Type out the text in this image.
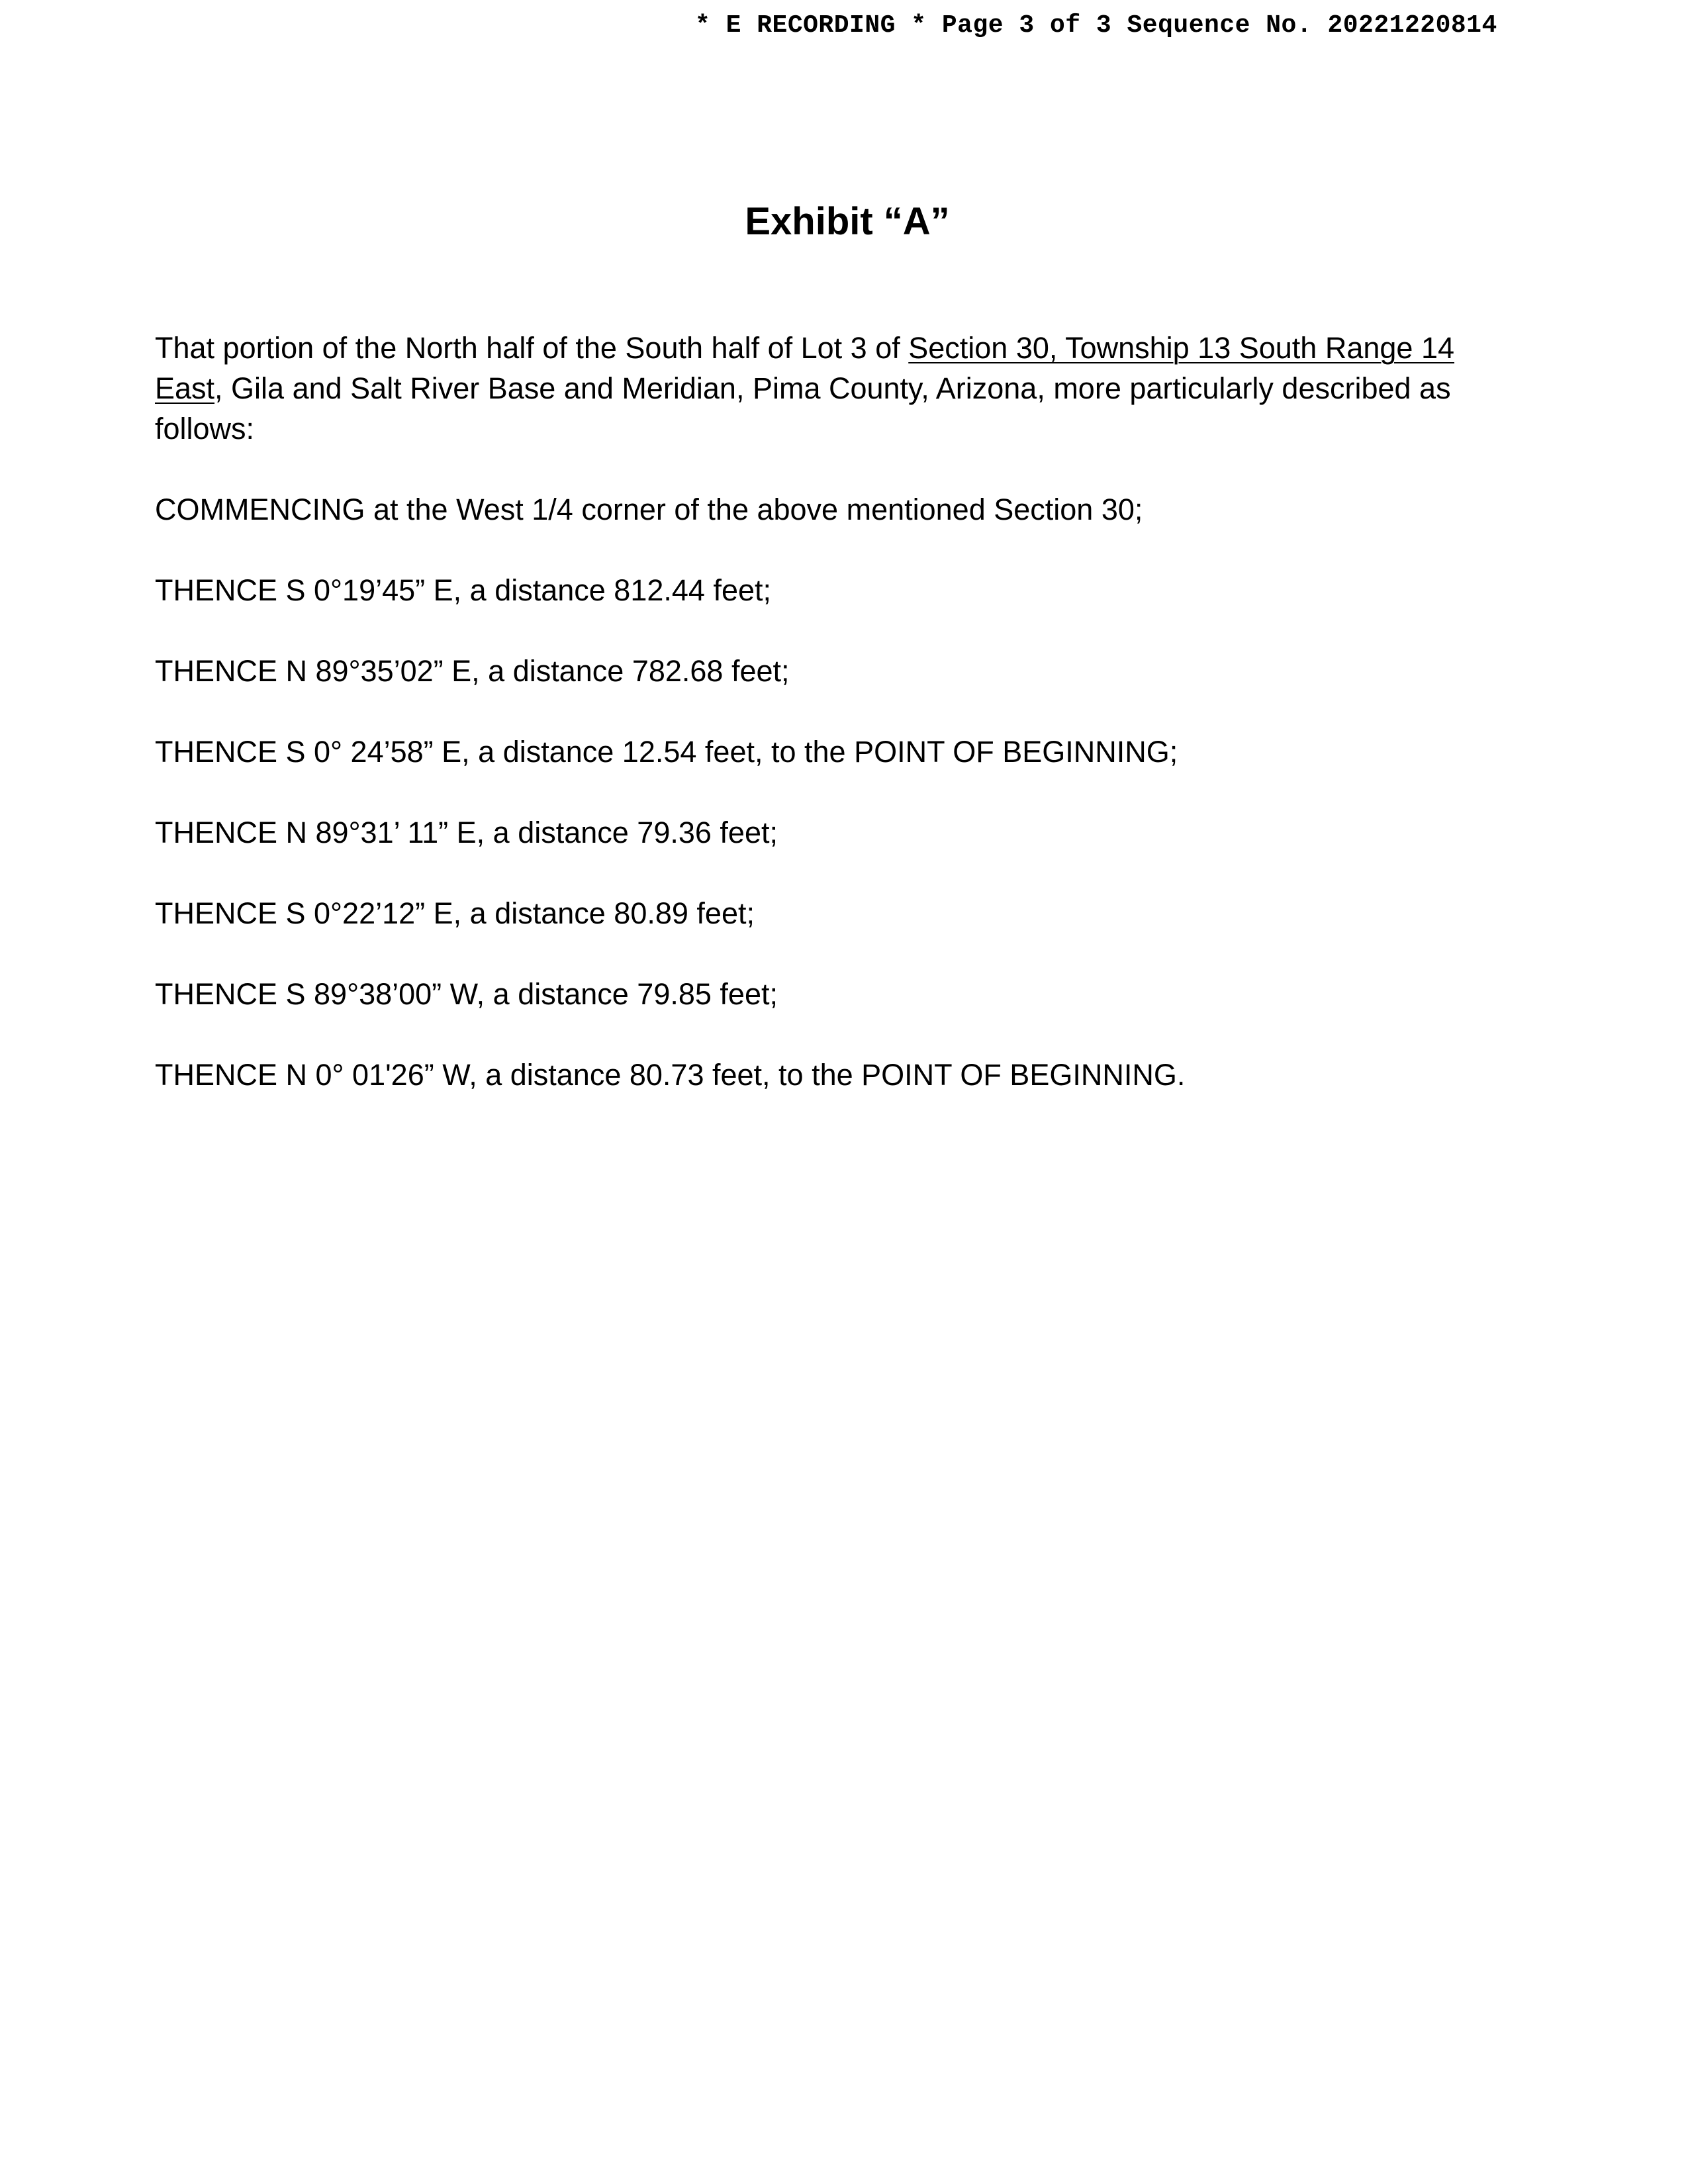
* E RECORDING * Page 3 of 3 Sequence No. 20221220814
Exhibit “A”

That portion of the North half of the South half of Lot 3 of Section 30, Township 13 South Range 14 East, Gila and Salt River Base and Meridian, Pima County, Arizona, more particularly described as follows:

COMMENCING at the West 1/4 corner of the above mentioned Section 30;

THENCE S 0°19’45” E, a distance 812.44 feet;

THENCE N 89°35’02” E, a distance 782.68 feet;

THENCE S 0° 24’58” E, a distance 12.54 feet, to the POINT OF BEGINNING;

THENCE N 89°31’ 11” E, a distance 79.36 feet;

THENCE S 0°22’12” E, a distance 80.89 feet;

THENCE S 89°38’00” W, a distance 79.85 feet;

THENCE N 0° 01'26” W, a distance 80.73 feet, to the POINT OF BEGINNING.
